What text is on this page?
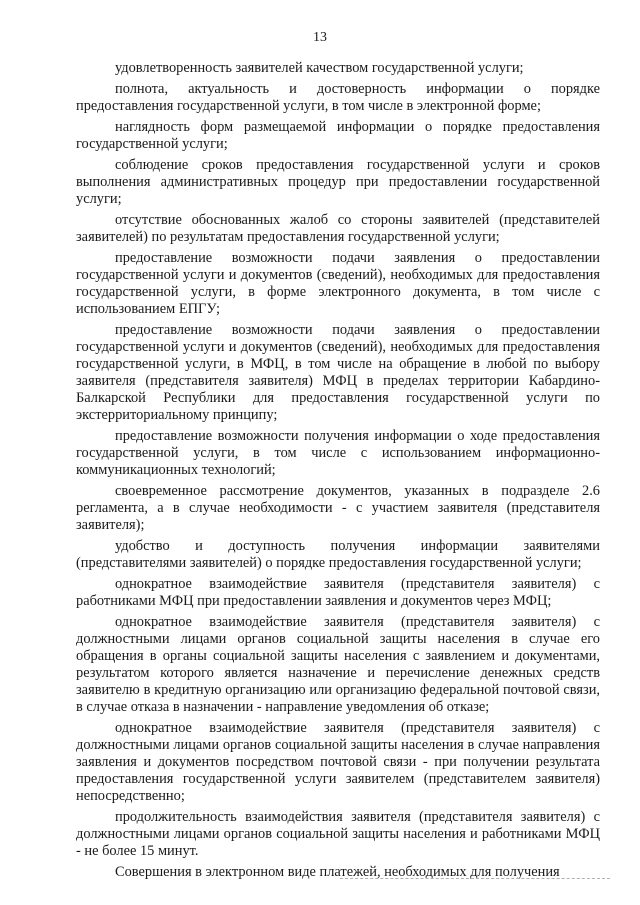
13

удовлетворенность заявителей качеством государственной услуги;

полнота, актуальность и достоверность информации о порядке предоставления государственной услуги, в том числе в электронной форме;

наглядность форм размещаемой информации о порядке предоставления государственной услуги;

соблюдение сроков предоставления государственной услуги и сроков выполнения административных процедур при предоставлении государственной услуги;

отсутствие обоснованных жалоб со стороны заявителей (представителей заявителей) по результатам предоставления государственной услуги;

предоставление возможности подачи заявления о предоставлении государственной услуги и документов (сведений), необходимых для предоставления государственной услуги, в форме электронного документа, в том числе с использованием ЕПГУ;

предоставление возможности подачи заявления о предоставлении государственной услуги и документов (сведений), необходимых для предоставления государственной услуги, в МФЦ, в том числе на обращение в любой по выбору заявителя (представителя заявителя) МФЦ в пределах территории Кабардино-Балкарской Республики для предоставления государственной услуги по экстерриториальному принципу;

предоставление возможности получения информации о ходе предоставления государственной услуги, в том числе с использованием информационно-коммуникационных технологий;

своевременное рассмотрение документов, указанных в подразделе 2.6 регламента, а в случае необходимости - с участием заявителя (представителя заявителя);

удобство и доступность получения информации заявителями (представителями заявителей) о порядке предоставления государственной услуги;

однократное взаимодействие заявителя (представителя заявителя) с работниками МФЦ при предоставлении заявления и документов через МФЦ;

однократное взаимодействие заявителя (представителя заявителя) с должностными лицами органов социальной защиты населения в случае его обращения в органы социальной защиты населения с заявлением и документами, результатом которого является назначение и перечисление денежных средств заявителю в кредитную организацию или организацию федеральной почтовой связи, в случае отказа в назначении - направление уведомления об отказе;

однократное взаимодействие заявителя (представителя заявителя) с должностными лицами органов социальной защиты населения в случае направления заявления и документов посредством почтовой связи - при получении результата предоставления государственной услуги заявителем (представителем заявителя) непосредственно;

продолжительность взаимодействия заявителя (представителя заявителя) с должностными лицами органов социальной защиты населения и работниками МФЦ - не более 15 минут.

Совершения в электронном виде платежей, необходимых для получения
